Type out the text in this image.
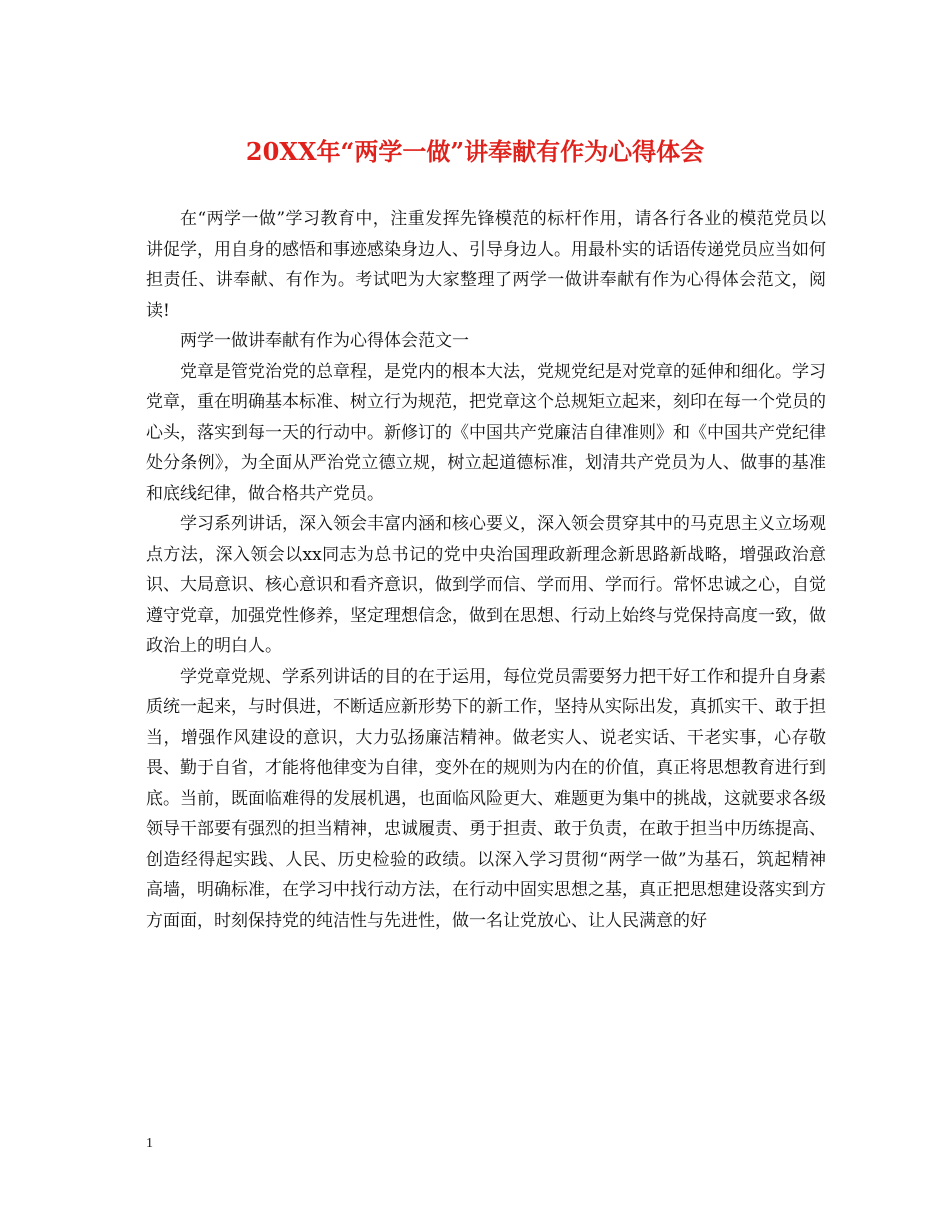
20XX年“两学一做”讲奉献有作为心得体会

在“两学一做”学习教育中，注重发挥先锋模范的标杆作用，请各行各业的模范党员以讲促学，用自身的感悟和事迹感染身边人、引导身边人。用最朴实的话语传递党员应当如何担责任、讲奉献、有作为。考试吧为大家整理了两学一做讲奉献有作为心得体会范文，阅读!

两学一做讲奉献有作为心得体会范文一

党章是管党治党的总章程，是党内的根本大法，党规党纪是对党章的延伸和细化。学习党章，重在明确基本标准、树立行为规范，把党章这个总规矩立起来，刻印在每一个党员的心头，落实到每一天的行动中。新修订的《中国共产党廉洁自律准则》和《中国共产党纪律处分条例》，为全面从严治党立德立规，树立起道德标准，划清共产党员为人、做事的基准和底线纪律，做合格共产党员。

学习系列讲话，深入领会丰富内涵和核心要义，深入领会贯穿其中的马克思主义立场观点方法，深入领会以xx同志为总书记的党中央治国理政新理念新思路新战略，增强政治意识、大局意识、核心意识和看齐意识，做到学而信、学而用、学而行。常怀忠诚之心，自觉遵守党章，加强党性修养，坚定理想信念，做到在思想、行动上始终与党保持高度一致，做政治上的明白人。

学党章党规、学系列讲话的目的在于运用，每位党员需要努力把干好工作和提升自身素质统一起来，与时俱进，不断适应新形势下的新工作，坚持从实际出发，真抓实干、敢于担当，增强作风建设的意识，大力弘扬廉洁精神。做老实人、说老实话、干老实事，心存敬畏、勤于自省，才能将他律变为自律，变外在的规则为内在的价值，真正将思想教育进行到底。当前，既面临难得的发展机遇，也面临风险更大、难题更为集中的挑战，这就要求各级领导干部要有强烈的担当精神，忠诚履责、勇于担责、敢于负责，在敢于担当中历练提高、创造经得起实践、人民、历史检验的政绩。以深入学习贯彻“两学一做”为基石，筑起精神高墙，明确标准，在学习中找行动方法，在行动中固实思想之基，真正把思想建设落实到方方面面，时刻保持党的纯洁性与先进性，做一名让党放心、让人民满意的好

1
